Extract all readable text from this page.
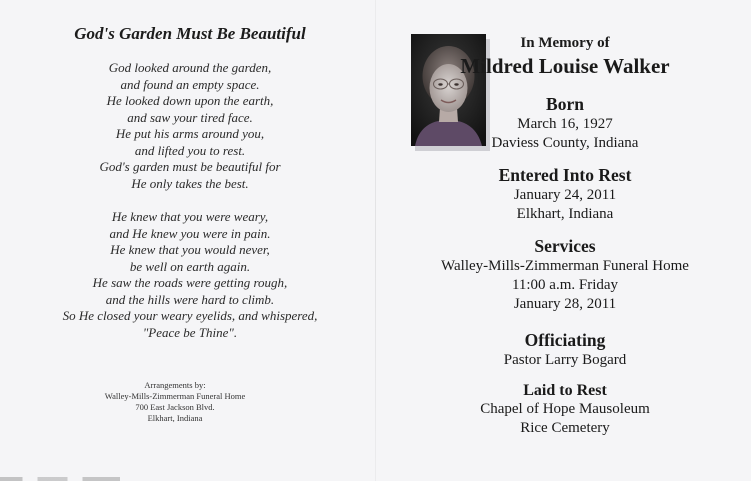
God's Garden Must Be Beautiful
God looked around the garden,
and found an empty space.
He looked down upon the earth,
and saw your tired face.
He put his arms around you,
and lifted you to rest.
God's garden must be beautiful for
He only takes the best.
He knew that you were weary,
and He knew you were in pain.
He knew that you would never,
be well on earth again.
He saw the roads were getting rough,
and the hills were hard to climb.
So He closed your weary eyelids, and whispered,
"Peace be Thine".
Arrangements by:
Walley-Mills-Zimmerman Funeral Home
700 East Jackson Blvd.
Elkhart, Indiana
In Memory of
Mildred Louise Walker
Born
March 16, 1927
Daviess County, Indiana
Entered Into Rest
January 24, 2011
Elkhart, Indiana
Services
Walley-Mills-Zimmerman Funeral Home
11:00 a.m. Friday
January 28, 2011
Officiating
Pastor Larry Bogard
Laid to Rest
Chapel of Hope Mausoleum
Rice Cemetery
